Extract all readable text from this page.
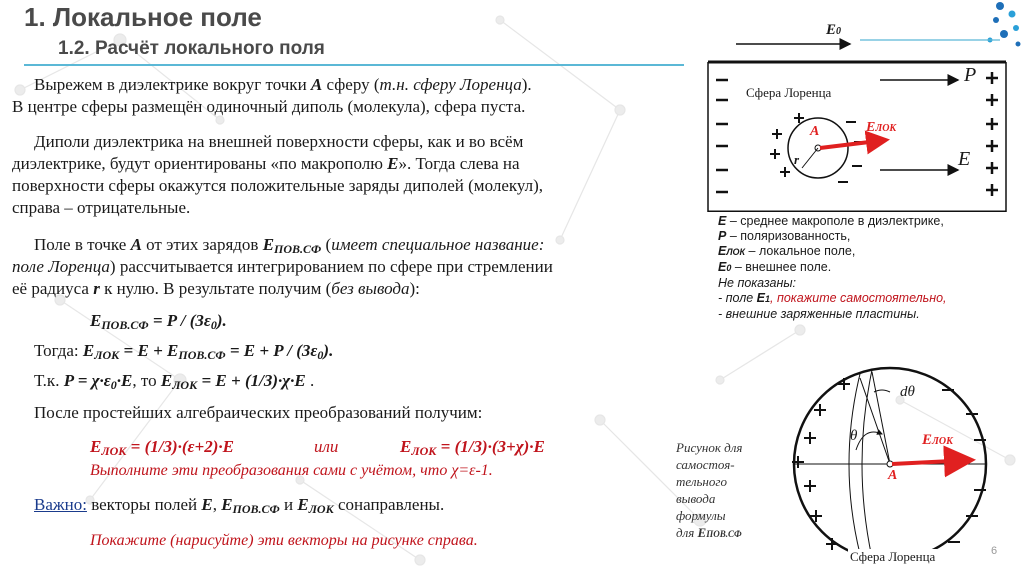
1. Локальное поле
1.2. Расчёт локального поля
Вырежем в диэлектрике вокруг точки A сферу (т.н. сферу Лоренца).
В центре сферы размещён одиночный диполь (молекула), сфера пуста.
Диполи диэлектрика на внешней поверхности сферы, как и во всём
диэлектрике, будут ориентированы «по макрополю E». Тогда слева на
поверхности сферы окажутся положительные заряды диполей (молекул),
справа – отрицательные.
Поле в точке A от этих зарядов $E_{ПОВ.СФ}$ (имеет специальное название:
поле Лоренца) рассчитывается интегрированием по сфере при стремлении
её радиуса r к нулю. В результате получим (без вывода):
$E_{ПОВ.СФ} = P / (3\varepsilon_0)$.
Тогда: $E_{ЛОК} = E + E_{ПОВ.СФ} = E + P / (3\varepsilon_0)$.
Т.к. $P = \chi\cdot\varepsilon_0\cdot E$, то $E_{ЛОК} = E + (1/3)\cdot\chi\cdot E$ .
После простейших алгебраических преобразований получим:
$E_{ЛОК} = (1/3)\cdot(\varepsilon+2)\cdot E$	или	$E_{ЛОК} = (1/3)\cdot(3+\chi)\cdot E$
Выполните эти преобразования сами с учётом, что χ=ε-1.
Важно: векторы полей E, $E_{ПОВ.СФ}$ и $E_{ЛОК}$ сонаправлены.
Покажите (нарисуйте) эти векторы на рисунке справа.
E0
Сфера Лоренца
P
E
A
r
EЛОК
E – среднее макрополе в диэлектрике,
P – поляризованность,
EЛОК – локальное поле,
E0 – внешнее поле.
Не показаны:
- поле E1, покажите самостоятельно,
- внешние заряженные пластины.
dθ
θ
A
EЛОК
Сфера Лоренца
Рисунок для
самостоя-
тельного
вывода
формулы
для EПОВ.СФ
6
